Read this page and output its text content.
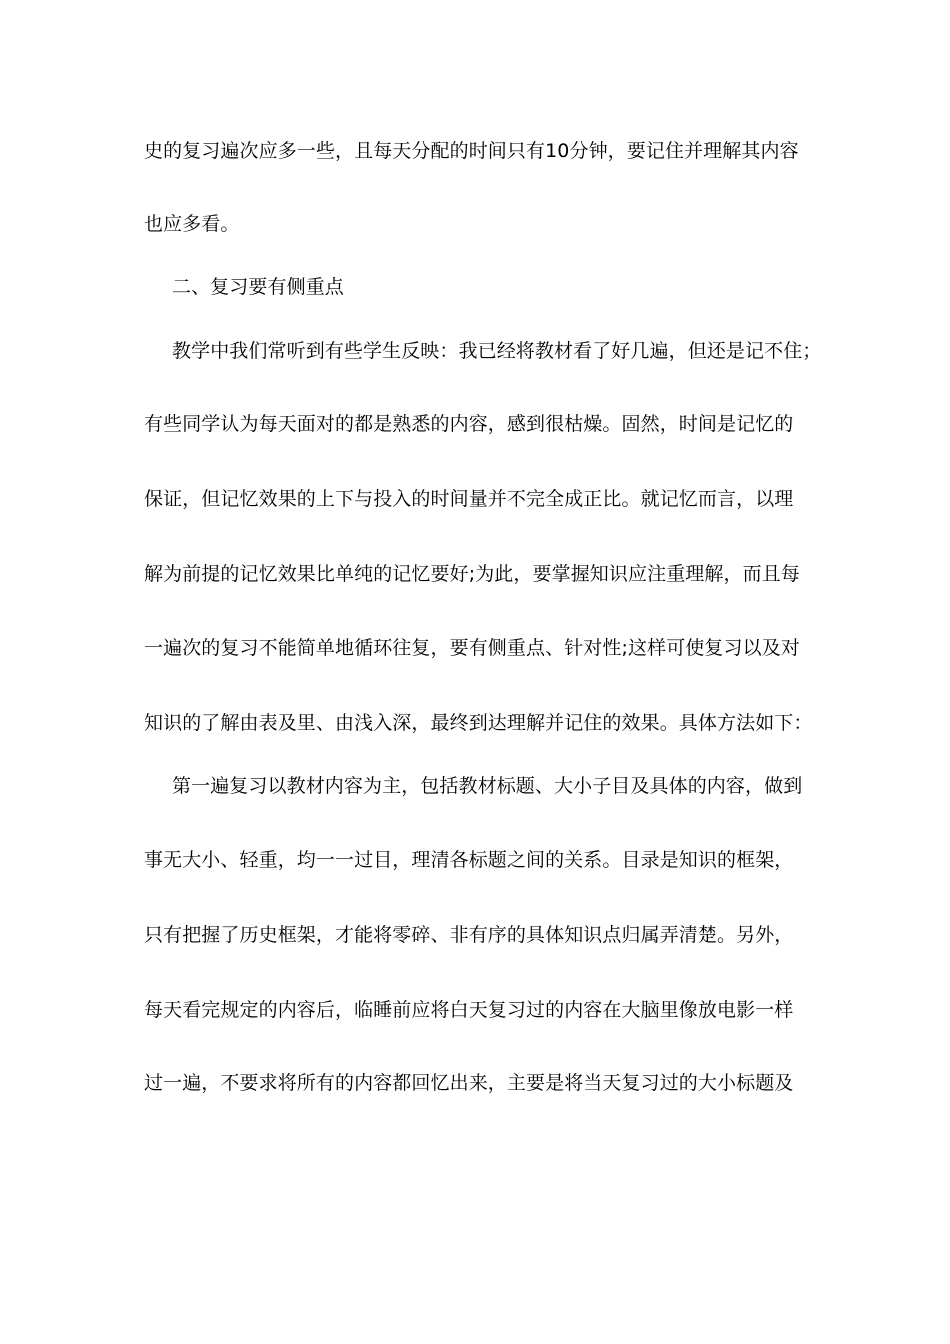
史的复习遍次应多一些，且每天分配的时间只有10分钟，要记住并理解其内容
也应多看。
二、复习要有侧重点
教学中我们常听到有些学生反映：我已经将教材看了好几遍，但还是记不住；
有些同学认为每天面对的都是熟悉的内容，感到很枯燥。固然，时间是记忆的
保证，但记忆效果的上下与投入的时间量并不完全成正比。就记忆而言，以理
解为前提的记忆效果比单纯的记忆要好;为此，要掌握知识应注重理解，而且每
一遍次的复习不能简单地循环往复，要有侧重点、针对性;这样可使复习以及对
知识的了解由表及里、由浅入深，最终到达理解并记住的效果。具体方法如下：
第一遍复习以教材内容为主，包括教材标题、大小子目及具体的内容，做到
事无大小、轻重，均一一过目，理清各标题之间的关系。目录是知识的框架，
只有把握了历史框架，才能将零碎、非有序的具体知识点归属弄清楚。另外，
每天看完规定的内容后，临睡前应将白天复习过的内容在大脑里像放电影一样
过一遍，不要求将所有的内容都回忆出来，主要是将当天复习过的大小标题及
